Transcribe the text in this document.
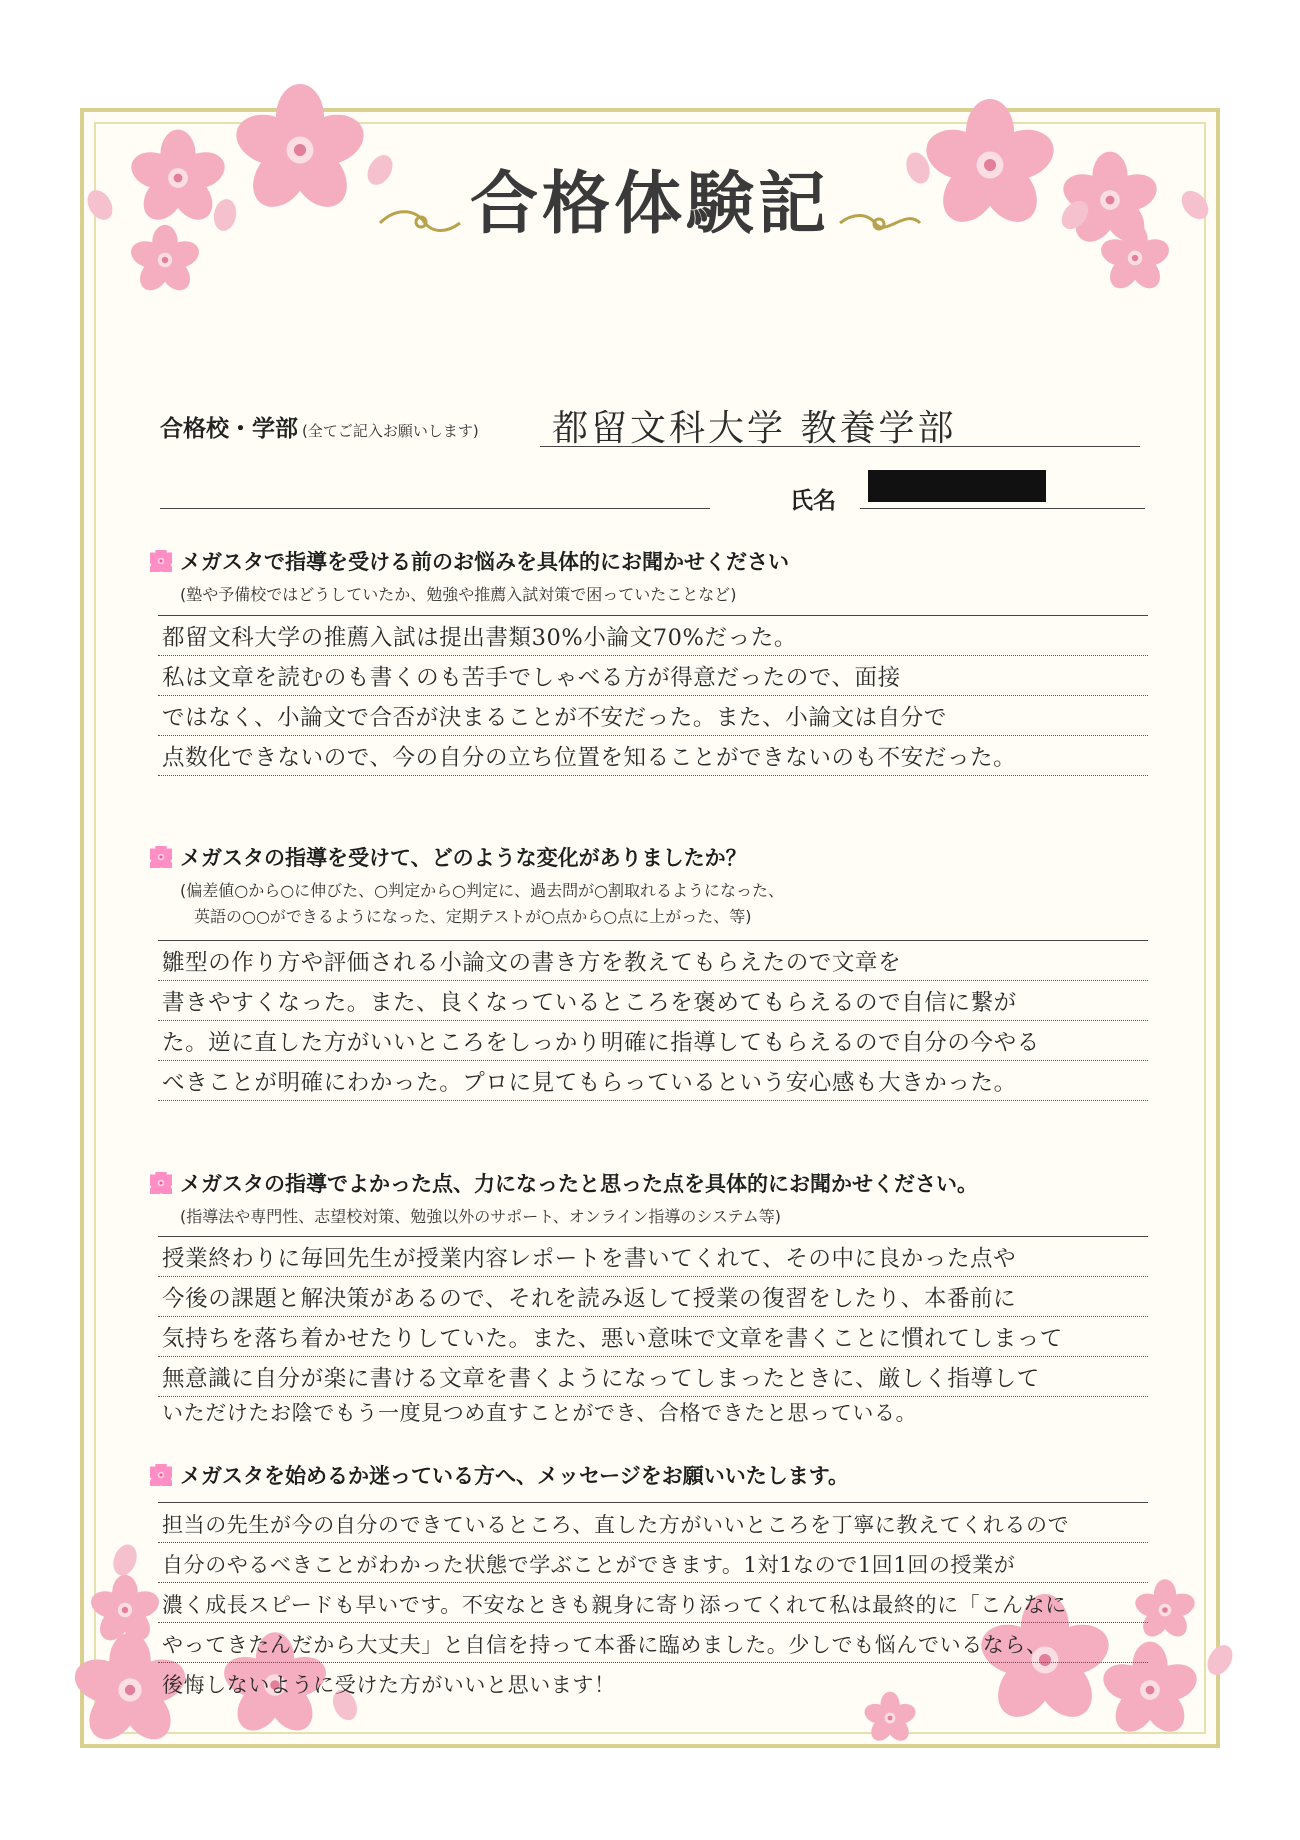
合格体験記
合格校・学部 (全てご記入お願いします) 都留文科大学 教養学部
氏名
メガスタで指導を受ける前のお悩みを具体的にお聞かせください
(塾や予備校ではどうしていたか、勉強や推薦入試対策で困っていたことなど)
都留文科大学の推薦入試は提出書類30%小論文70%だった。
私は文章を読むのも書くのも苦手でしゃべる方が得意だったので、面接
ではなく、小論文で合否が決まることが不安だった。また、小論文は自分で
点数化できないので、今の自分の立ち位置を知ることができないのも不安だった。
メガスタの指導を受けて、どのような変化がありましたか？
(偏差値○から○に伸びた、○判定から○判定に、過去問が○割取れるようになった、
英語の○○ができるようになった、定期テストが○点から○点に上がった、等)
雛型の作り方や評価される小論文の書き方を教えてもらえたので文章を
書きやすくなった。また、良くなっているところを褒めてもらえるので自信に繋が
た。逆に直した方がいいところをしっかり明確に指導してもらえるので自分の今やる
べきことが明確にわかった。プロに見てもらっているという安心感も大きかった。
メガスタの指導でよかった点、力になったと思った点を具体的にお聞かせください。
(指導法や専門性、志望校対策、勉強以外のサポート、オンライン指導のシステム等)
授業終わりに毎回先生が授業内容レポートを書いてくれて、その中に良かった点や
今後の課題と解決策があるので、それを読み返して授業の復習をしたり、本番前に
気持ちを落ち着かせたりしていた。また、悪い意味で文章を書くことに慣れてしまって
無意識に自分が楽に書ける文章を書くようになってしまったときに、厳しく指導して
いただけたお陰でもう一度見つめ直すことができ、合格できたと思っている。
メガスタを始めるか迷っている方へ、メッセージをお願いいたします。
担当の先生が今の自分のできているところ、直した方がいいところを丁寧に教えてくれるので
自分のやるべきことがわかった状態で学ぶことができます。1対1なので1回1回の授業が
濃く成長スピードも早いです。不安なときも親身に寄り添ってくれて私は最終的に「こんなに
やってきたんだから大丈夫」と自信を持って本番に臨めました。少しでも悩んでいるなら、
後悔しないように受けた方がいいと思います！
